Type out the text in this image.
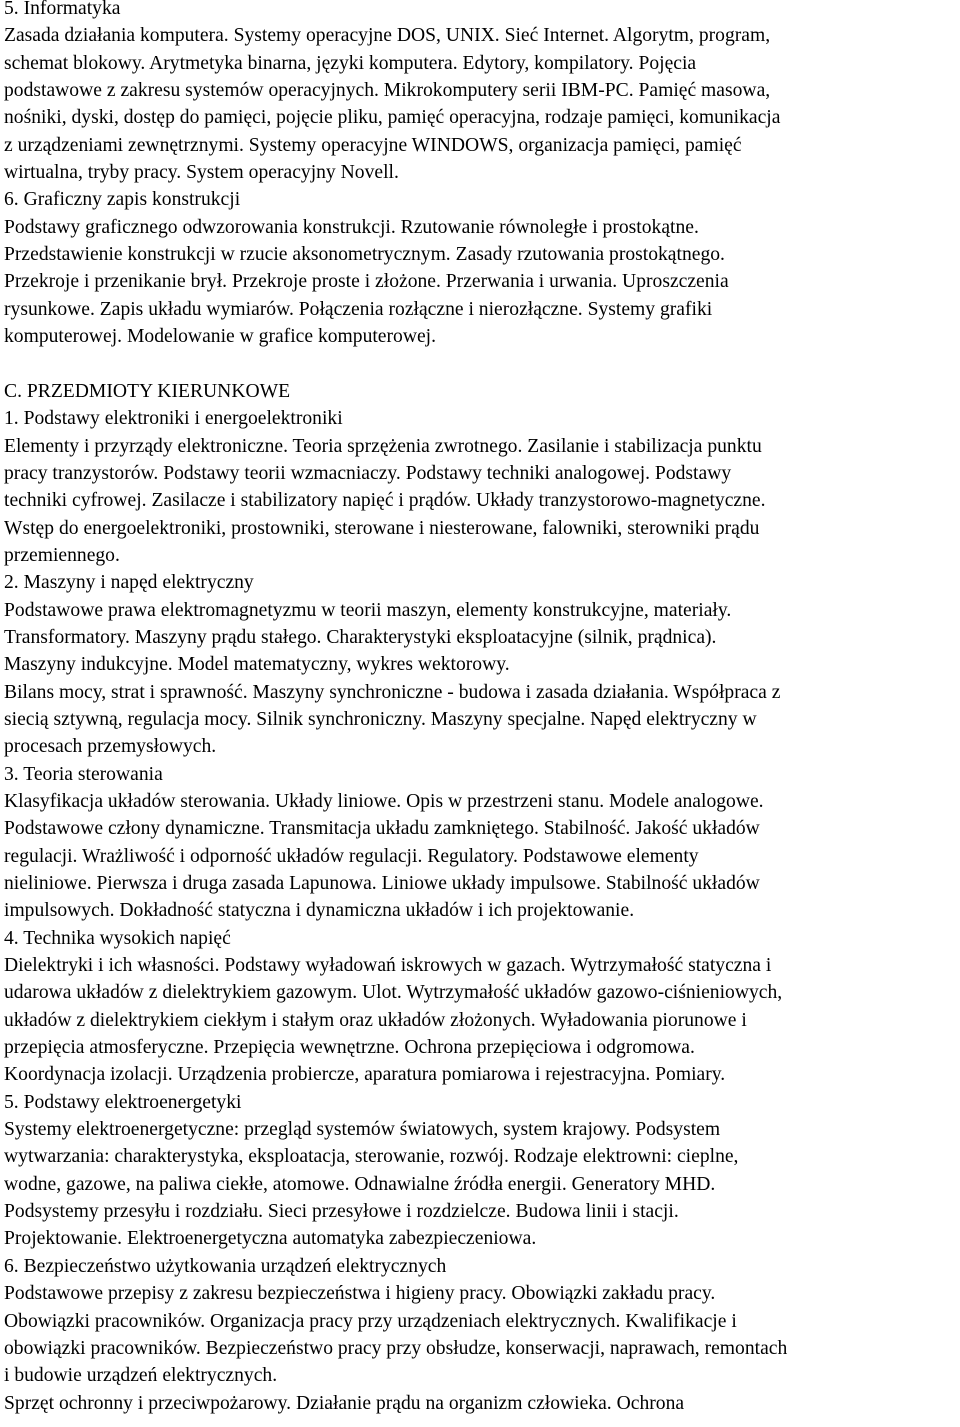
5. Informatyka
Zasada działania komputera. Systemy operacyjne DOS, UNIX. Sieć Internet. Algorytm, program,
schemat blokowy. Arytmetyka binarna, języki komputera. Edytory, kompilatory. Pojęcia
podstawowe z zakresu systemów operacyjnych. Mikrokomputery serii IBM-PC. Pamięć masowa,
nośniki, dyski, dostęp do pamięci, pojęcie pliku, pamięć operacyjna, rodzaje pamięci, komunikacja
z urządzeniami zewnętrznymi. Systemy operacyjne WINDOWS, organizacja pamięci, pamięć
wirtualna, tryby pracy. System operacyjny Novell.
6. Graficzny zapis konstrukcji
Podstawy graficznego odwzorowania konstrukcji. Rzutowanie równoległe i prostokątne.
Przedstawienie konstrukcji w rzucie aksonometrycznym. Zasady rzutowania prostokątnego.
Przekroje i przenikanie brył. Przekroje proste i złożone. Przerwania i urwania. Uproszczenia
rysunkowe. Zapis układu wymiarów. Połączenia rozłączne i nierozłączne. Systemy grafiki
komputerowej. Modelowanie w grafice komputerowej.
C. PRZEDMIOTY KIERUNKOWE
1. Podstawy elektroniki i energoelektroniki
Elementy i przyrządy elektroniczne. Teoria sprzężenia zwrotnego. Zasilanie i stabilizacja punktu
pracy tranzystorów. Podstawy teorii wzmacniaczy. Podstawy techniki analogowej. Podstawy
techniki cyfrowej. Zasilacze i stabilizatory napięć i prądów. Układy tranzystorowo-magnetyczne.
Wstęp do energoelektroniki, prostowniki, sterowane i niesterowane, falowniki, sterowniki prądu
przemiennego.
2. Maszyny i napęd elektryczny
Podstawowe prawa elektromagnetyzmu w teorii maszyn, elementy konstrukcyjne, materiały.
Transformatory. Maszyny prądu stałego. Charakterystyki eksploatacyjne (silnik, prądnica).
Maszyny indukcyjne. Model matematyczny, wykres wektorowy.
Bilans mocy, strat i sprawność. Maszyny synchroniczne - budowa i zasada działania. Współpraca z
siecią sztywną, regulacja mocy. Silnik synchroniczny. Maszyny specjalne. Napęd elektryczny w
procesach przemysłowych.
3. Teoria sterowania
Klasyfikacja układów sterowania. Układy liniowe. Opis w przestrzeni stanu. Modele analogowe.
Podstawowe człony dynamiczne. Transmitacja układu zamkniętego. Stabilność. Jakość układów
regulacji. Wrażliwość i odporność układów regulacji. Regulatory. Podstawowe elementy
nieliniowe. Pierwsza i druga zasada Lapunowa. Liniowe układy impulsowe. Stabilność układów
impulsowych. Dokładność statyczna i dynamiczna układów i ich projektowanie.
4. Technika wysokich napięć
Dielektryki i ich własności. Podstawy wyładowań iskrowych w gazach. Wytrzymałość statyczna i
udarowa układów z dielektrykiem gazowym. Ulot. Wytrzymałość układów gazowo-ciśnieniowych,
układów z dielektrykiem ciekłym i stałym oraz układów złożonych. Wyładowania piorunowe i
przepięcia atmosferyczne. Przepięcia wewnętrzne. Ochrona przepięciowa i odgromowa.
Koordynacja izolacji. Urządzenia probiercze, aparatura pomiarowa i rejestracyjna. Pomiary.
5. Podstawy elektroenergetyki
Systemy elektroenergetyczne: przegląd systemów światowych, system krajowy. Podsystem
wytwarzania: charakterystyka, eksploatacja, sterowanie, rozwój. Rodzaje elektrowni: cieplne,
wodne, gazowe, na paliwa ciekłe, atomowe. Odnawialne źródła energii. Generatory MHD.
Podsystemy przesyłu i rozdziału. Sieci przesyłowe i rozdzielcze. Budowa linii i stacji.
Projektowanie. Elektroenergetyczna automatyka zabezpieczeniowa.
6. Bezpieczeństwo użytkowania urządzeń elektrycznych
Podstawowe przepisy z zakresu bezpieczeństwa i higieny pracy. Obowiązki zakładu pracy.
Obowiązki pracowników. Organizacja pracy przy urządzeniach elektrycznych. Kwalifikacje i
obowiązki pracowników. Bezpieczeństwo pracy przy obsłudze, konserwacji, naprawach, remontach
i budowie urządzeń elektrycznych.
Sprzęt ochronny i przeciwpożarowy. Działanie prądu na organizm człowieka. Ochrona
